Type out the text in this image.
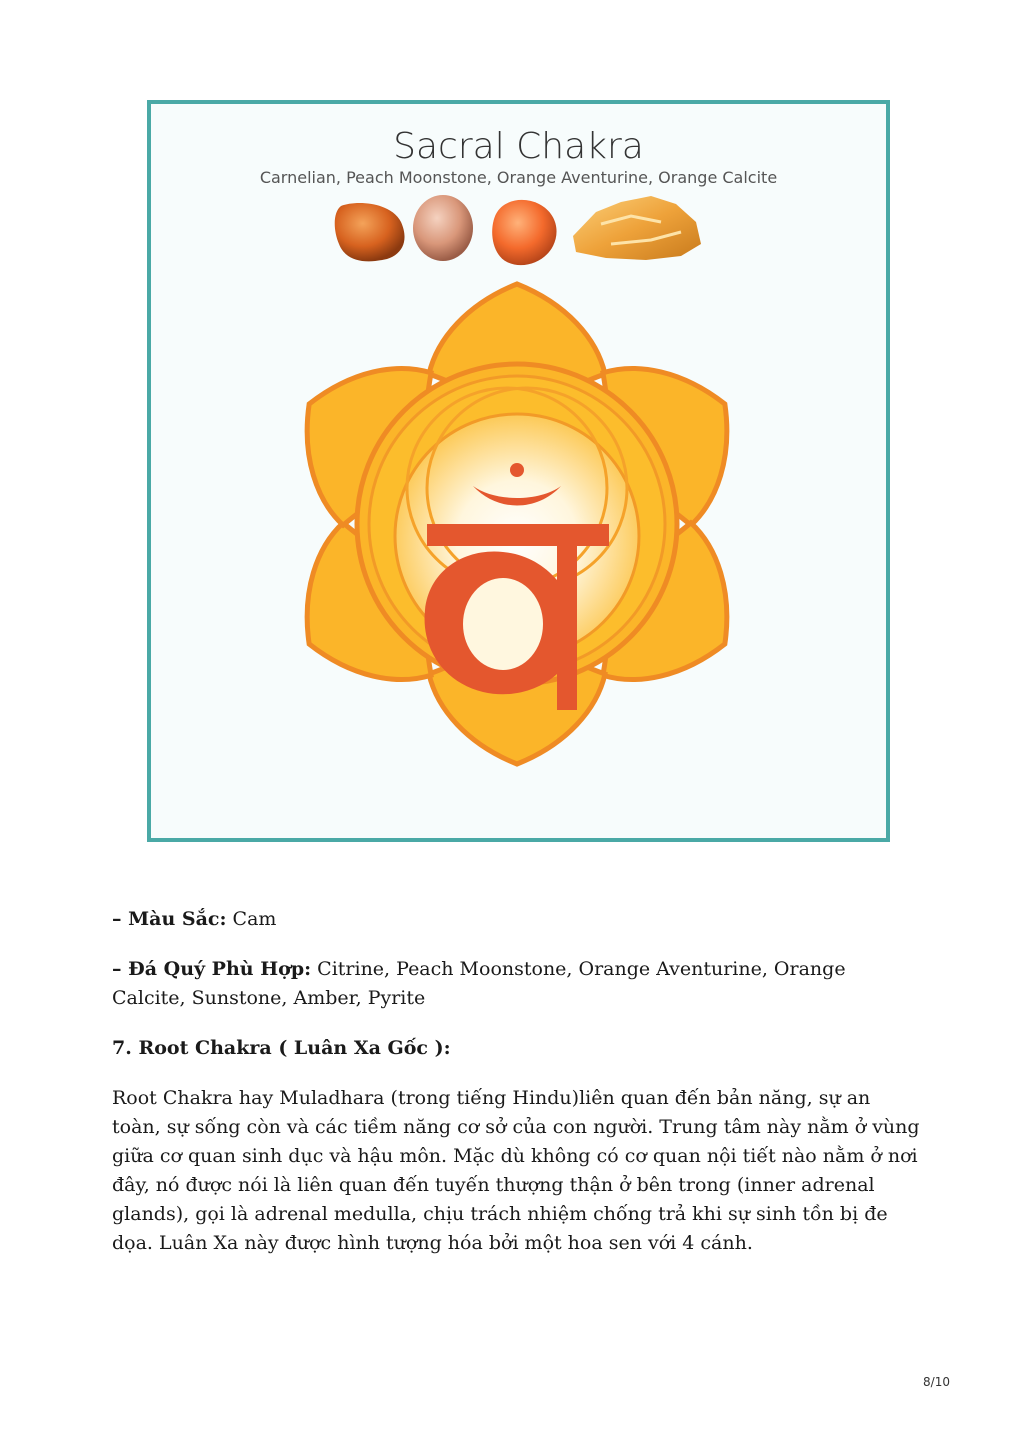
Sacral Chakra
Carnelian, Peach Moonstone, Orange Aventurine, Orange Calcite
– Màu Sắc: Cam
– Đá Quý Phù Hợp: Citrine, Peach Moonstone, Orange Aventurine, Orange Calcite, Sunstone, Amber, Pyrite
7. Root Chakra ( Luân Xa Gốc ):
Root Chakra hay Muladhara (trong tiếng Hindu)liên quan đến bản năng, sự an toàn, sự sống còn và các tiềm năng cơ sở của con người. Trung tâm này nằm ở vùng giữa cơ quan sinh dục và hậu môn. Mặc dù không có cơ quan nội tiết nào nằm ở nơi đây, nó được nói là liên quan đến tuyến thượng thận ở bên trong (inner adrenal glands), gọi là adrenal medulla, chịu trách nhiệm chống trả khi sự sinh tồn bị đe dọa. Luân Xa này được hình tượng hóa bởi một hoa sen với 4 cánh.
8/10
